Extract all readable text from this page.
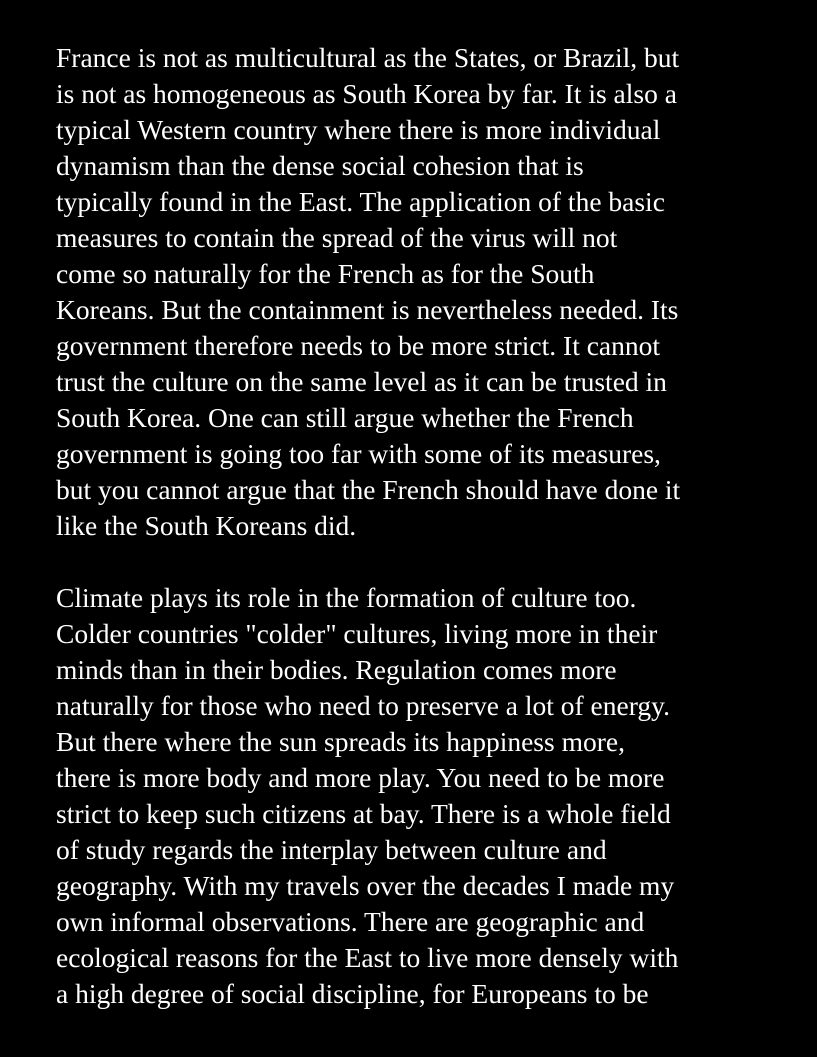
France is not as multicultural as the States, or Brazil, but
is not as homogeneous as South Korea by far. It is also a
typical Western country where there is more individual
dynamism than the dense social cohesion that is
typically found in the East. The application of the basic
measures to contain the spread of the virus will not
come so naturally for the French as for the South
Koreans. But the containment is nevertheless needed. Its
government therefore needs to be more strict. It cannot
trust the culture on the same level as it can be trusted in
South Korea. One can still argue whether the French
government is going too far with some of its measures,
but you cannot argue that the French should have done it
like the South Koreans did.
Climate plays its role in the formation of culture too.
Colder countries "colder" cultures, living more in their
minds than in their bodies. Regulation comes more
naturally for those who need to preserve a lot of energy.
But there where the sun spreads its happiness more,
there is more body and more play. You need to be more
strict to keep such citizens at bay. There is a whole field
of study regards the interplay between culture and
geography. With my travels over the decades I made my
own informal observations. There are geographic and
ecological reasons for the East to live more densely with
a high degree of social discipline, for Europeans to be
